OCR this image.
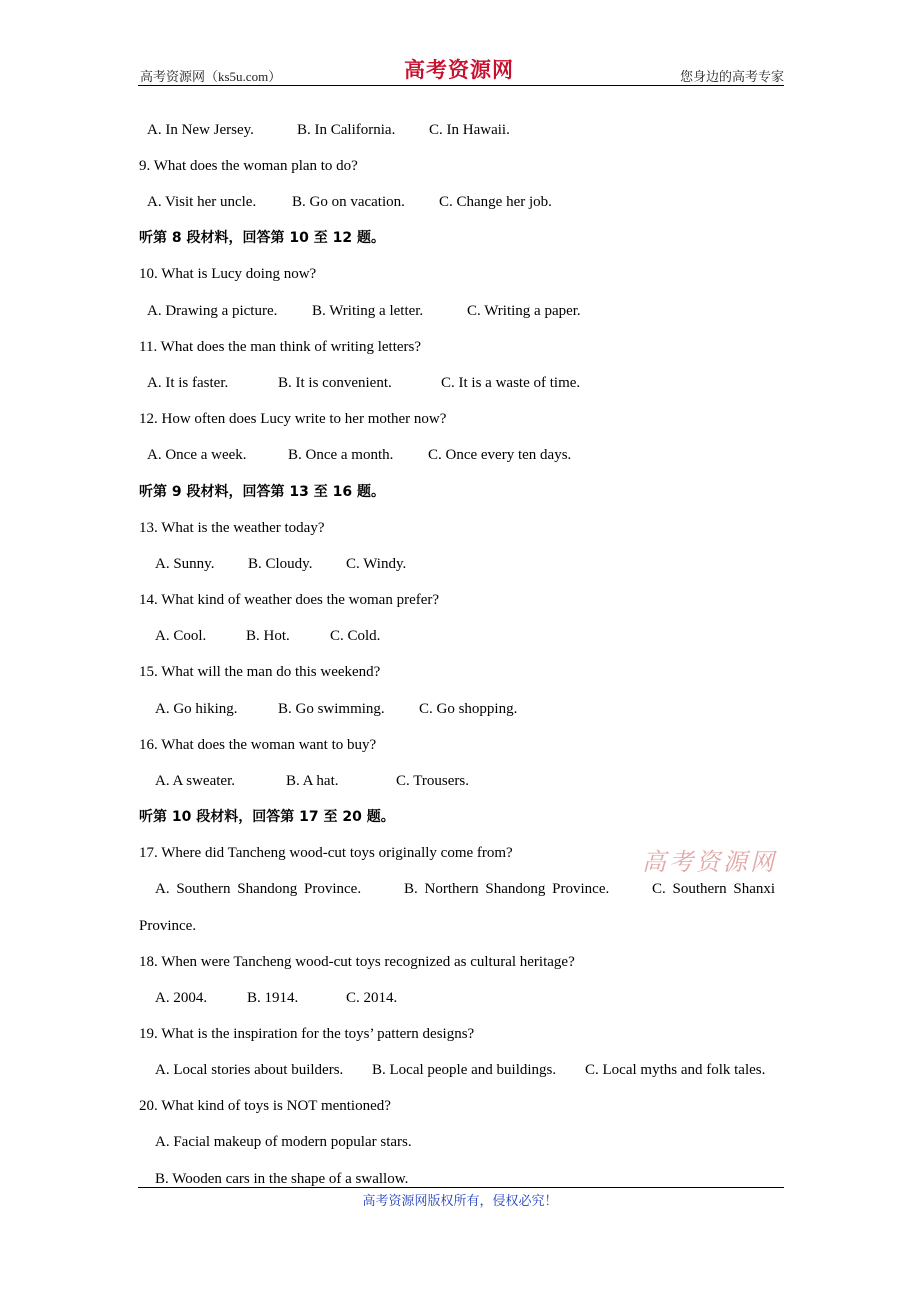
高考资源网（ks5u.com）	高考资源网	您身边的高考专家
A. In New Jersey.	B. In California. C. In Hawaii.
9. What does the woman plan to do?
A. Visit her uncle. B. Go on vacation. C. Change her job.
听第 8 段材料，回答第 10 至 12 题。
10. What is Lucy doing now?
A. Drawing a picture. B. Writing a letter.	C. Writing a paper.
11. What does the man think of writing letters?
A. It is faster.	B. It is convenient.	C. It is a waste of time.
12. How often does Lucy write to her mother now?
A. Once a week.	B. Once a month. C. Once every ten days.
听第 9 段材料，回答第 13 至 16 题。
13. What is the weather today?
A. Sunny. B. Cloudy. C. Windy.
14. What kind of weather does the woman prefer?
A. Cool.	B. Hot.	C. Cold.
15. What will the man do this weekend?
A. Go hiking.	B. Go swimming. C. Go shopping.
16. What does the woman want to buy?
A. A sweater.	B. A hat.	C. Trousers.
听第 10 段材料，回答第 17 至 20 题。
高考资源网
17. Where did Tancheng wood-cut toys originally come from?
A. Southern Shandong Province.	B. Northern Shandong Province.	C. Southern Shanxi
Province.
18. When were Tancheng wood-cut toys recognized as cultural heritage?
A. 2004.	B. 1914.	C. 2014.
19. What is the inspiration for the toys’ pattern designs?
A. Local stories about builders. B. Local people and buildings. C. Local myths and folk tales.
20. What kind of toys is NOT mentioned?
A. Facial makeup of modern popular stars.
B. Wooden cars in the shape of a swallow.
高考资源网版权所有，侵权必究！
